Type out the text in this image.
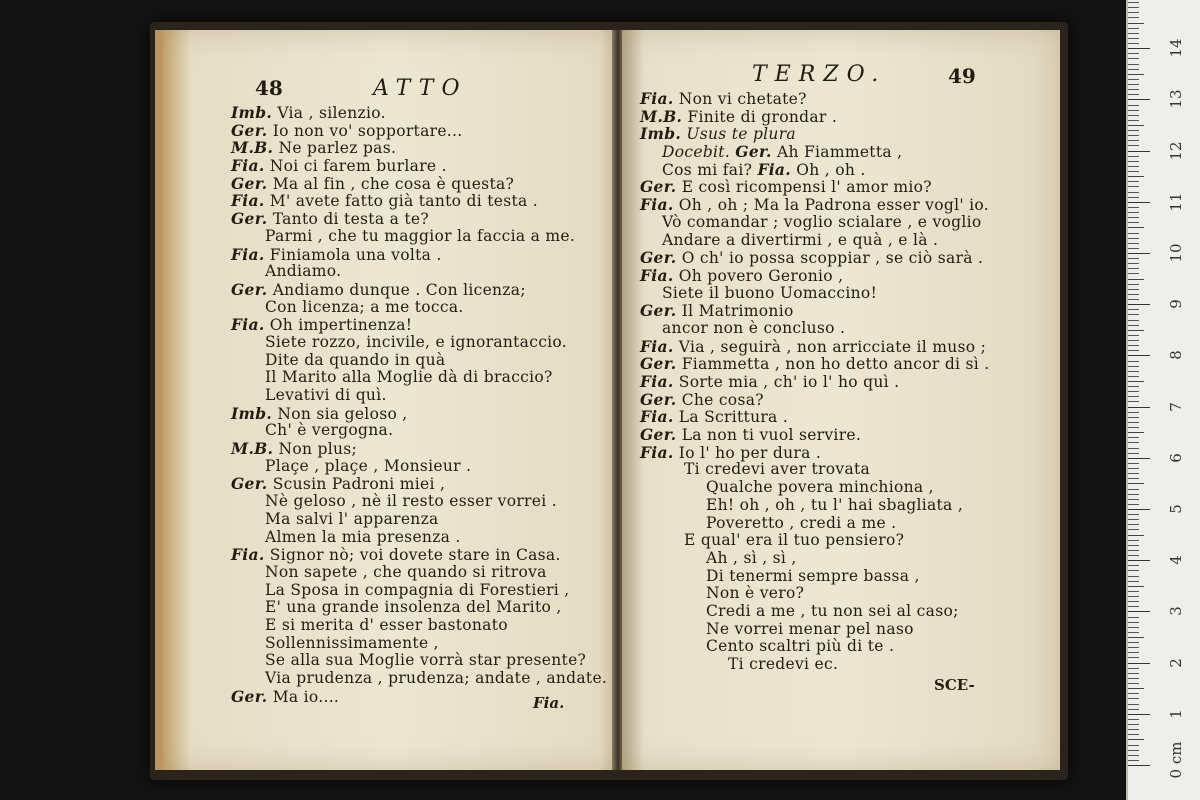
48	ATTO
Imb. Via , silenzio.
Ger. Io non vo' sopportare...
M.B. Ne parlez pas.
Fia. Noi ci farem burlare .
Ger. Ma al fin , che cosa è questa?
Fia. M' avete fatto già tanto di testa .
Ger. Tanto di testa a te?
Parmi , che tu maggior la faccia a me.
Fia. Finiamola una volta .
Andiamo.
Ger. Andiamo dunque . Con licenza;
Con licenza; a me tocca.
Fia. Oh impertinenza!
Siete rozzo, incivile, e ignorantaccio.
Dite da quando in quà
Il Marito alla Moglie dà di braccio?
Levativi di quì.
Imb. Non sia geloso ,
Ch' è vergogna.
M.B. Non plus;
Plaçe , plaçe , Monsieur .
Ger. Scusin Padroni miei ,
Nè geloso , nè il resto esser vorrei .
Ma salvi l' apparenza
Almen la mia presenza .
Fia. Signor nò; voi dovete stare in Casa.
Non sapete , che quando si ritrova
La Sposa in compagnia di Forestieri ,
E' una grande insolenza del Marito ,
E si merita d' esser bastonato
Sollennissimamente ,
Se alla sua Moglie vorrà star presente?
Via prudenza , prudenza; andate , andate.
Ger. Ma io....	Fia.
TERZO.	49
Fia. Non vi chetate?
M.B. Finite di grondar .
Imb. Usus te plura
Docebit. Ger. Ah Fiammetta ,
Cos mi fai? Fia. Oh , oh .
Ger. E così ricompensi l' amor mio?
Fia. Oh , oh ; Ma la Padrona esser vogl' io.
Vò comandar ; voglio scialare , e voglio
Andare a divertirmi , e quà , e là .
Ger. O ch' io possa scoppiar , se ciò sarà .
Fia. Oh povero Geronio ,
Siete il buono Uomaccino!
Ger. Il Matrimonio
ancor non è concluso .
Fia. Via , seguirà , non arricciate il muso ;
Ger. Fiammetta , non ho detto ancor di sì .
Fia. Sorte mia , ch' io l' ho quì .
Ger. Che cosa?
Fia. La Scrittura .
Ger. La non ti vuol servire.
Fia. Io l' ho per dura .
Ti credevi aver trovata
Qualche povera minchiona ,
Eh! oh , oh , tu l' hai sbagliata ,
Poveretto , credi a me .
E qual' era il tuo pensiero?
Ah , sì , sì ,
Di tenermi sempre bassa ,
Non è vero?
Credi a me , tu non sei al caso;
Ne vorrei menar pel naso
Cento scaltri più di te .
Ti credevi ec.
SCE-
0 cm
1
2
3
4
5
6
7
8
9
10
11
12
13
14
